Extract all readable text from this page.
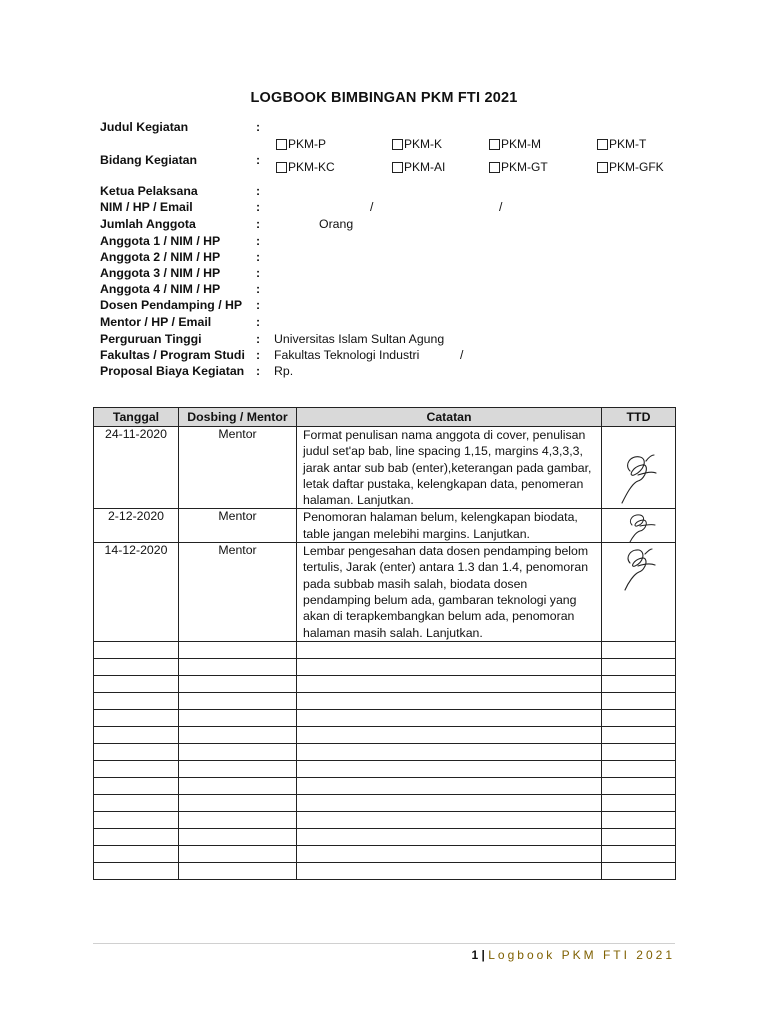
LOGBOOK BIMBINGAN PKM FTI 2021
Judul Kegiatan	:
Bidang Kegiatan	:
PKM-P	PKM-K	PKM-M	PKM-T
PKM-KC	PKM-AI	PKM-GT	PKM-GFK
Ketua Pelaksana	:
NIM / HP / Email	:	/	/
Jumlah Anggota	:	Orang
Anggota 1 / NIM / HP	:
Anggota 2 / NIM / HP	:
Anggota 3 / NIM / HP	:
Anggota 4 / NIM / HP	:
Dosen Pendamping / HP :
Mentor / HP / Email	:
Perguruan Tinggi	: Universitas Islam Sultan Agung
Fakultas / Program Studi : Fakultas Teknologi Industri	/
Proposal Biaya Kegiatan : Rp.
Tanggal	Dosbing / Mentor	Catatan	TTD
24-11-2020	Mentor	Format penulisan nama anggota di cover, penulisan judul set'ap bab, line spacing 1,15, margins 4,3,3,3, jarak antar sub bab (enter),keterangan pada gambar, letak daftar pustaka, kelengkapan data, penomeran halaman. Lanjutkan.	

2-12-2020	Mentor	Penomoran halaman belum, kelengkapan biodata, table jangan melebihi margins. Lanjutkan.	

14-12-2020	Mentor	Lembar pengesahan data dosen pendamping belom tertulis, Jarak (enter) antara 1.3 dan 1.4, penomoran pada subbab masih salah, biodata dosen pendamping belum ada, gambaran teknologi yang akan di terapkembangkan belum ada, penomoran halaman masih salah. Lanjutkan.	

1 | Logbook PKM FTI 2021
